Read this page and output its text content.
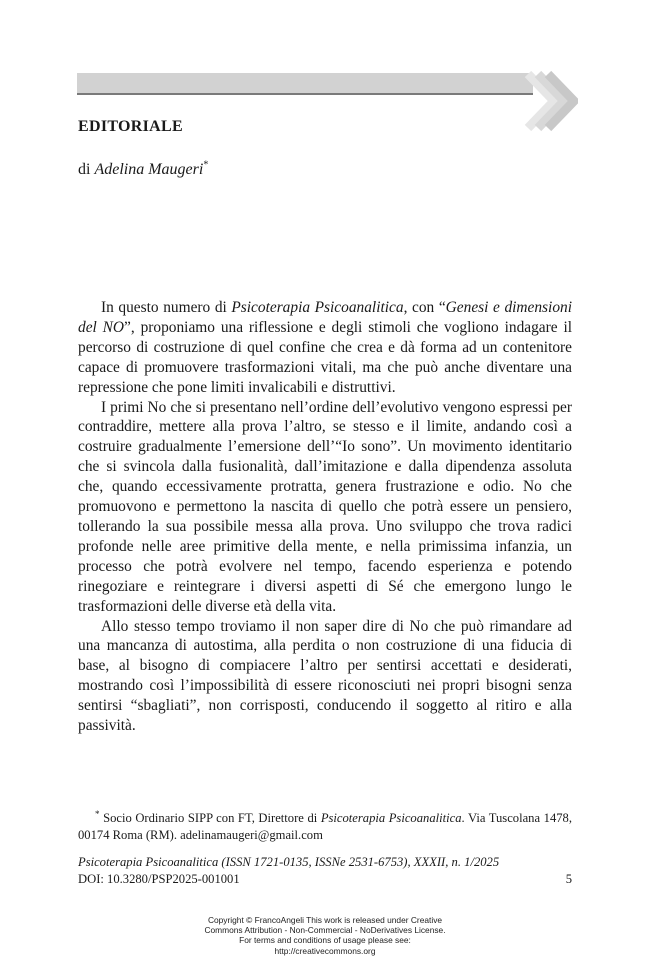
EDITORIALE
di Adelina Maugeri*

In questo numero di Psicoterapia Psicoanalitica, con “Genesi e dimensioni del NO”, proponiamo una riflessione e degli stimoli che vogliono indagare il percorso di costruzione di quel confine che crea e dà forma ad un contenitore capace di promuovere trasformazioni vitali, ma che può anche diventare una repressione che pone limiti invalicabili e distruttivi.

I primi No che si presentano nell’ordine dell’evolutivo vengono espressi per contraddire, mettere alla prova l’altro, se stesso e il limite, andando così a costruire gradualmente l’emersione dell’“Io sono”. Un movimento identitario che si svincola dalla fusionalità, dall’imitazione e dalla dipendenza assoluta che, quando eccessivamente protratta, genera frustrazione e odio. No che promuovono e permettono la nascita di quello che potrà essere un pensiero, tollerando la sua possibile messa alla prova. Uno sviluppo che trova radici profonde nelle aree primitive della mente, e nella primissima infanzia, un processo che potrà evolvere nel tempo, facendo esperienza e potendo rinegoziare e reintegrare i diversi aspetti di Sé che emergono lungo le trasformazioni delle diverse età della vita.

Allo stesso tempo troviamo il non saper dire di No che può rimandare ad una mancanza di autostima, alla perdita o non costruzione di una fiducia di base, al bisogno di compiacere l’altro per sentirsi accettati e desiderati, mostrando così l’impossibilità di essere riconosciuti nei propri bisogni senza sentirsi “sbagliati”, non corrisposti, conducendo il soggetto al ritiro e alla passività.

* Socio Ordinario SIPP con FT, Direttore di Psicoterapia Psicoanalitica. Via Tuscolana 1478, 00174 Roma (RM). adelinamaugeri@gmail.com

Psicoterapia Psicoanalitica (ISSN 1721-0135, ISSNe 2531-6753), XXXII, n. 1/2025
DOI: 10.3280/PSP2025-001001	5
Copyright © FrancoAngeli This work is released under Creative
Commons Attribution - Non-Commercial - NoDerivatives License.
For terms and conditions of usage please see:
http://creativecommons.org
